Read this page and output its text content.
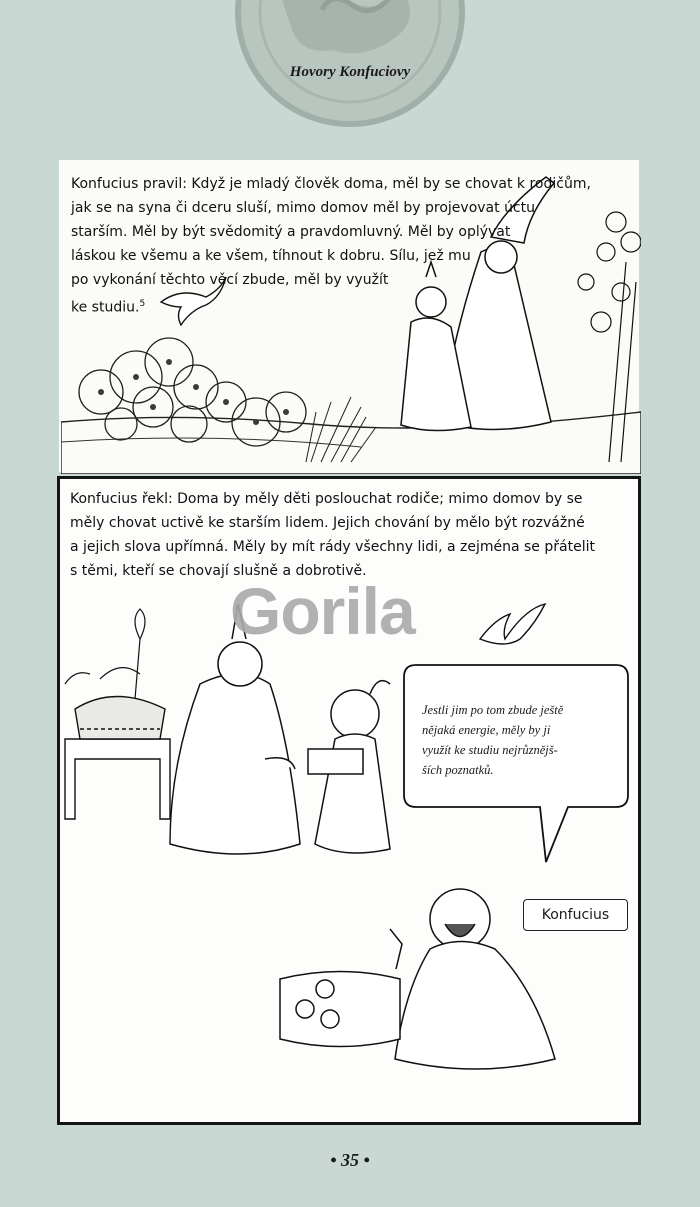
Hovory Konfuciovy

Konfucius pravil: Když je mladý člověk doma, měl by se chovat k rodičům,
jak se na syna či dceru sluší, mimo domov měl by projevovat úctu
starším. Měl by být svědomitý a pravdomluvný. Měl by oplývat
láskou ke všemu a ke všem, tíhnout k dobru. Sílu, jež mu
po vykonání těchto věcí zbude, měl by využít
ke studiu.$^5$

Konfucius řekl: Doma by měly děti poslouchat rodiče; mimo domov by se
měly chovat uctivě ke starším lidem. Jejich chování by mělo být rozvážné
a jejich slova upřímná. Měly by mít rády všechny lidi, a zejména se přátelit
s těmi, kteří se chovají slušně a dobrotivě.

Jestli jim po tom zbude ještě
nějaká energie, měly by ji
využít ke studiu nejrůznějš-
ších poznatků.

Konfucius
Gorila
• 35 •
